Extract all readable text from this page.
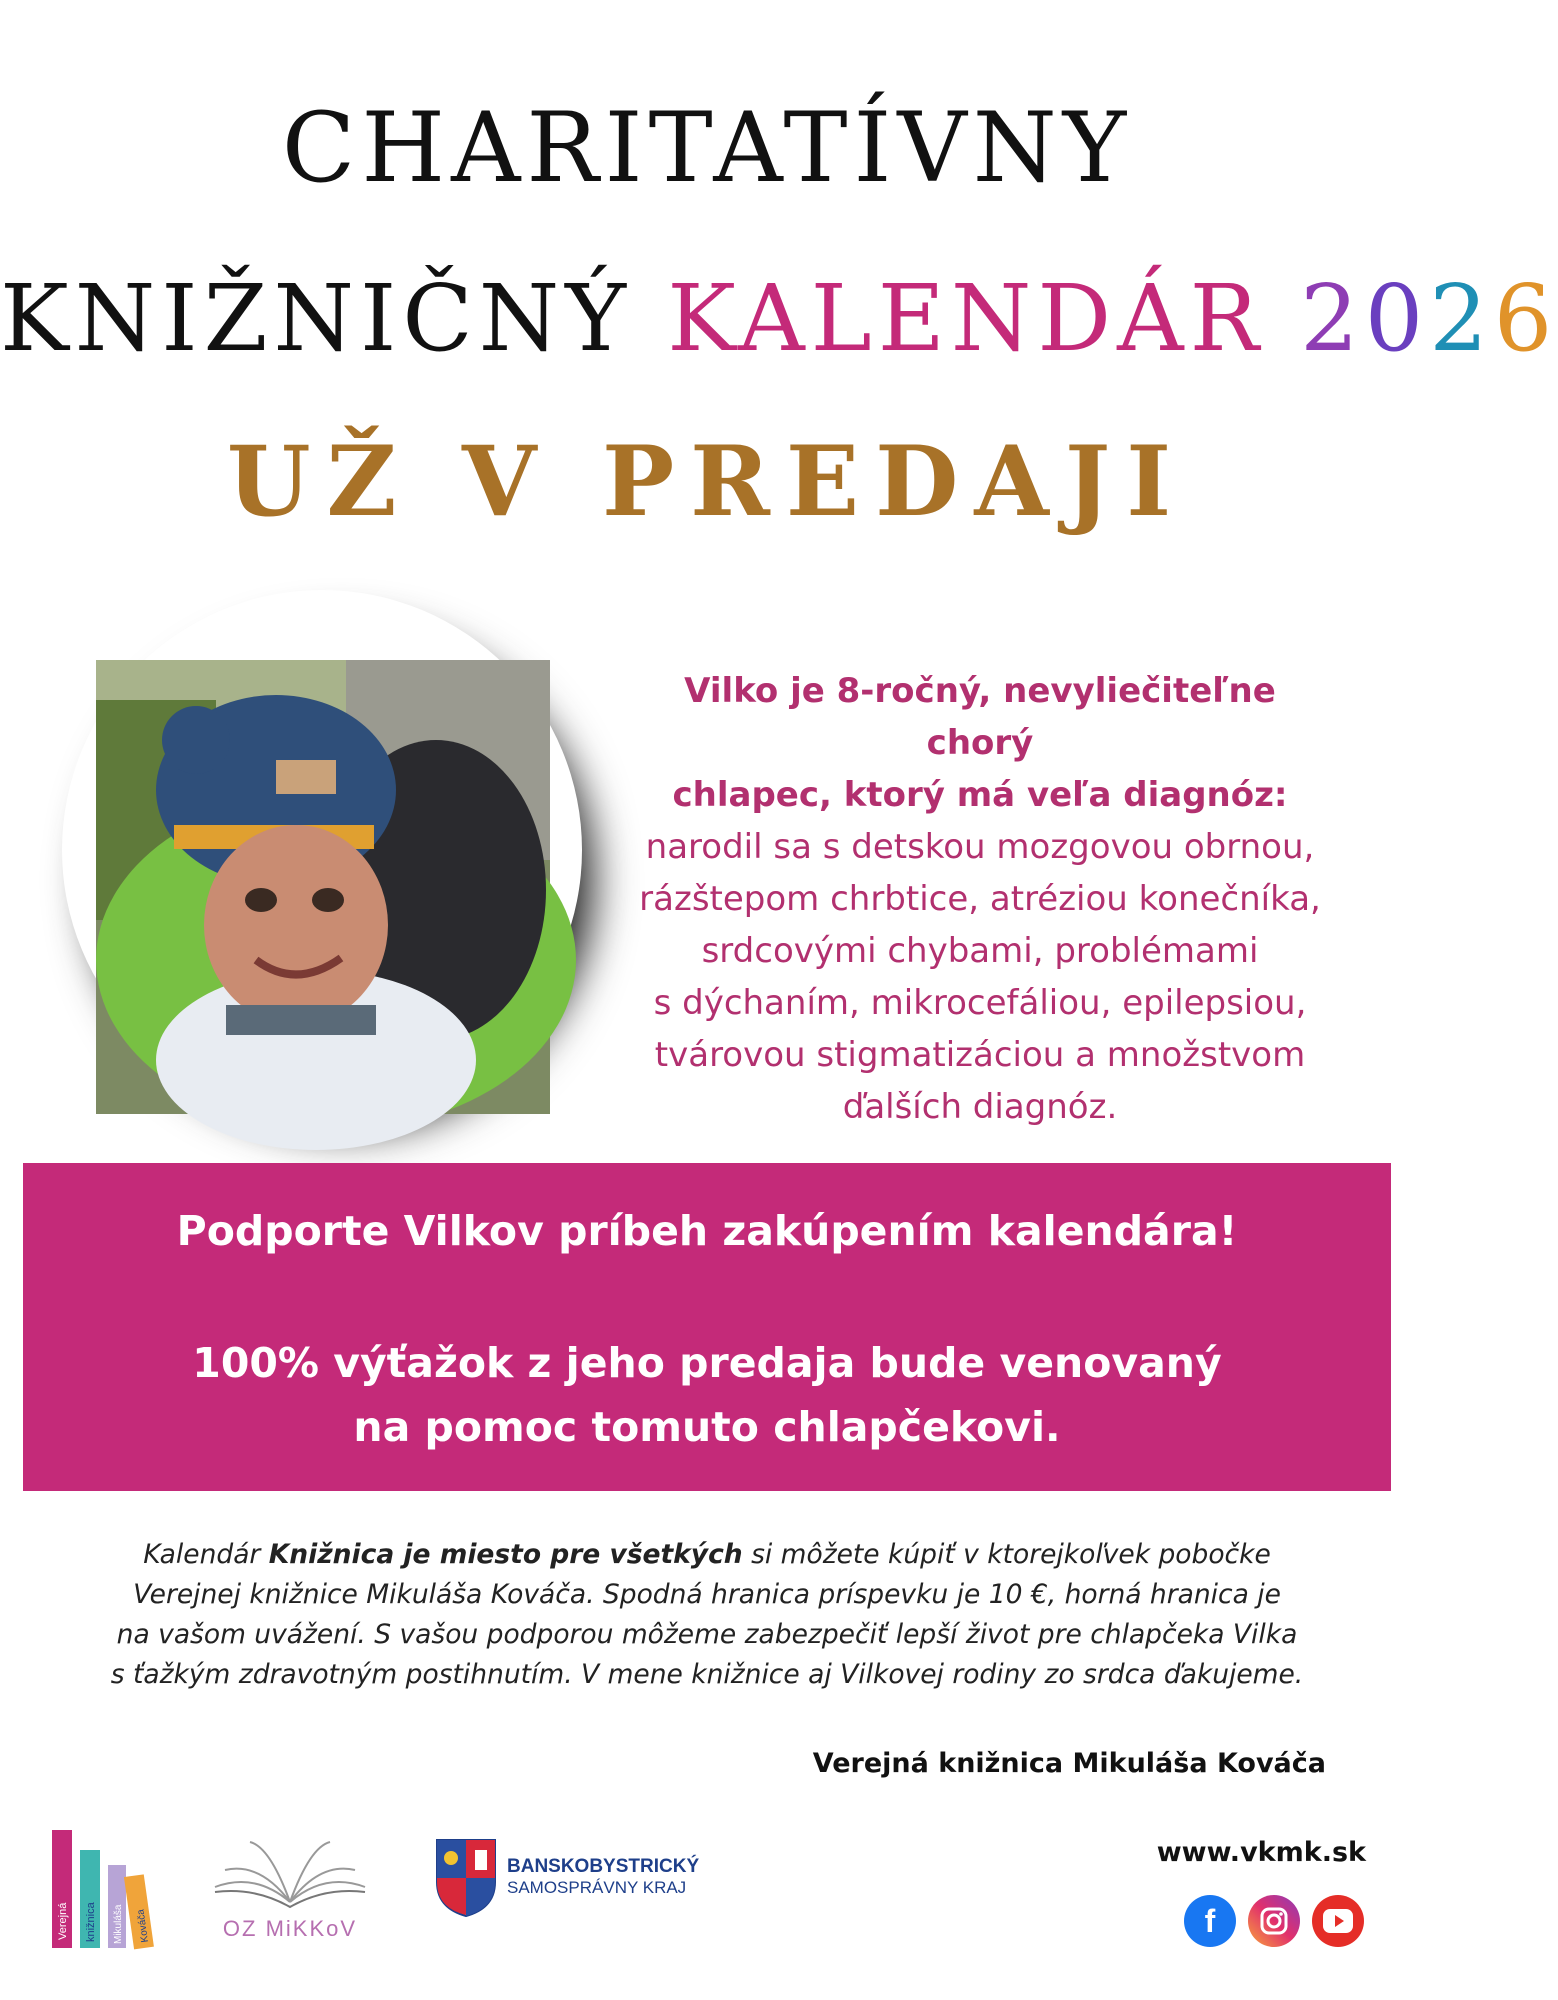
CHARITATÍVNY
KNIŽNIČNÝ KALENDÁR 2026
UŽ V PREDAJI
Vilko je 8-ročný, nevyliečiteľne chorý
chlapec, ktorý má veľa diagnóz:
narodil sa s detskou mozgovou obrnou,
rázštepom chrbtice, atréziou konečníka,
srdcovými chybami, problémami
s dýchaním, mikrocefáliou, epilepsiou,
tvárovou stigmatizáciou a množstvom
ďalších diagnóz.
Podporte Vilkov príbeh zakúpením kalendára!
100% výťažok z jeho predaja bude venovaný
na pomoc tomuto chlapčekovi.
Kalendár Knižnica je miesto pre všetkých si môžete kúpiť v ktorejkoľvek pobočke
Verejnej knižnice Mikuláša Kováča. Spodná hranica príspevku je 10 €, horná hranica je
na vašom uvážení. S vašou podporou môžeme zabezpečiť lepší život pre chlapčeka Vilka
s ťažkým zdravotným postihnutím. V mene knižnice aj Vilkovej rodiny zo srdca ďakujeme.
Verejná knižnica Mikuláša Kováča
www.vkmk.sk
f
Verejná knižnica Mikuláša Kováča	OZ MiKKoV
BANSKOBYSTRICKÝ
SAMOSPRÁVNY KRAJ
